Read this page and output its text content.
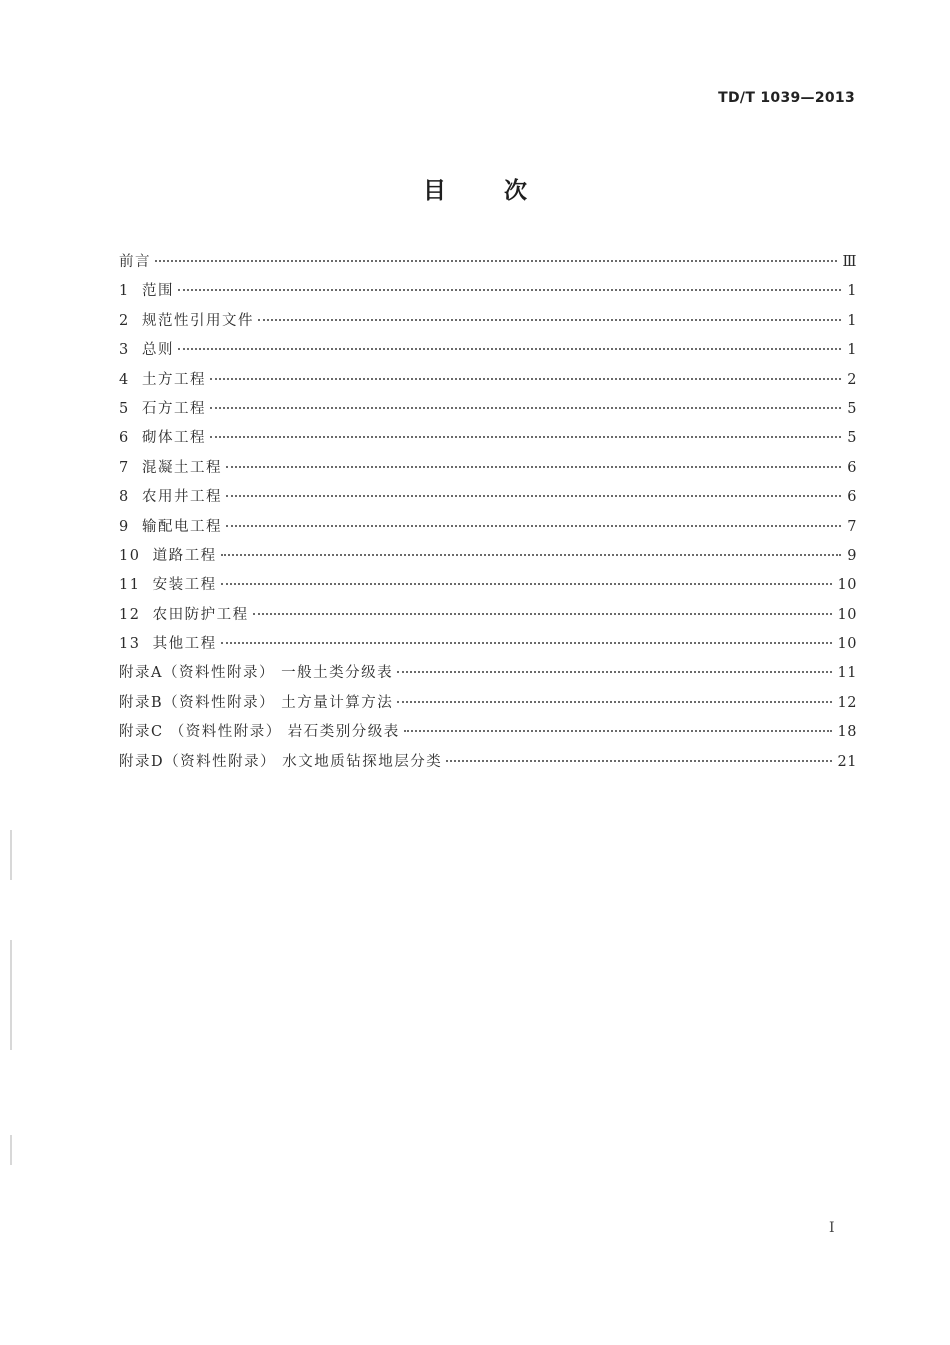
TD/T 1039—2013
目次
前言	Ⅲ
1  范围	1
2  规范性引用文件	1
3  总则	1
4  土方工程	2
5  石方工程	5
6  砌体工程	5
7  混凝土工程	6
8  农用井工程	6
9  输配电工程	7
10  道路工程	9
11  安装工程	10
12  农田防护工程	10
13  其他工程	10
附录A（资料性附录） 一般土类分级表	11
附录B（资料性附录） 土方量计算方法	12
附录C （资料性附录） 岩石类别分级表	18
附录D（资料性附录） 水文地质钻探地层分类	21
I
